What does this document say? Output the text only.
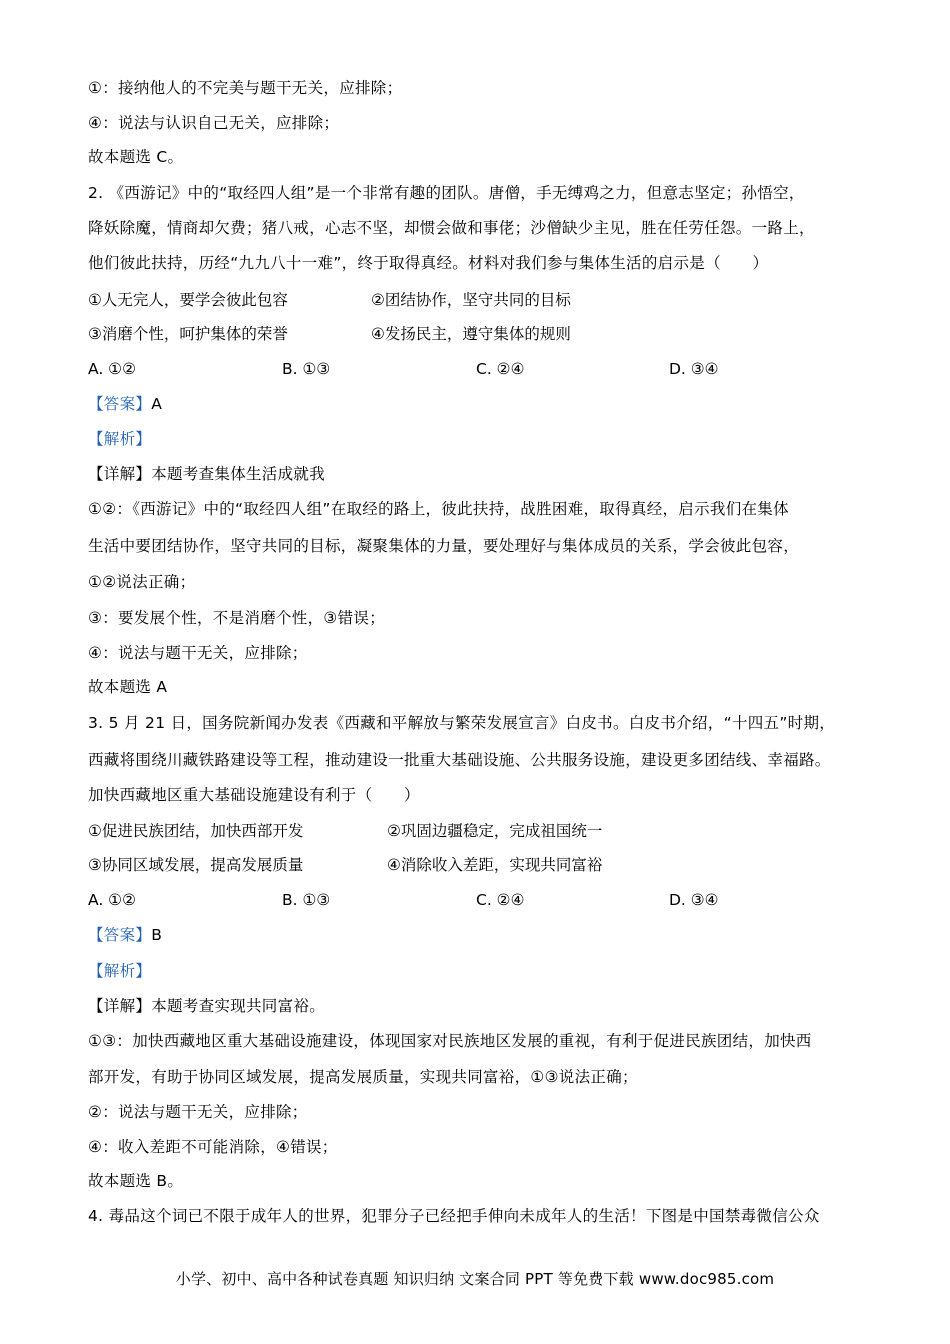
①：接纳他人的不完美与题干无关，应排除；
④：说法与认识自己无关，应排除；
故本题选 C。
2. 《西游记》中的“取经四人组”是一个非常有趣的团队。唐僧，手无缚鸡之力，但意志坚定；孙悟空，
降妖除魔，情商却欠费；猪八戒，心志不坚，却惯会做和事佬；沙僧缺少主见，胜在任劳任怨。一路上，
他们彼此扶持，历经“九九八十一难”，终于取得真经。材料对我们参与集体生活的启示是（　　）
①人无完人，要学会彼此包容	②团结协作，坚守共同的目标
③消磨个性，呵护集体的荣誉	④发扬民主，遵守集体的规则
A. ①②	B. ①③	C. ②④	D. ③④
【答案】A
【解析】
【详解】本题考查集体生活成就我
①②：《西游记》中的“取经四人组”在取经的路上，彼此扶持，战胜困难，取得真经，启示我们在集体
生活中要团结协作，坚守共同的目标，凝聚集体的力量，要处理好与集体成员的关系，学会彼此包容，
①②说法正确；
③：要发展个性，不是消磨个性，③错误；
④：说法与题干无关，应排除；
故本题选 A
3. 5 月 21 日，国务院新闻办发表《西藏和平解放与繁荣发展宣言》白皮书。白皮书介绍，“十四五”时期，
西藏将围绕川藏铁路建设等工程，推动建设一批重大基础设施、公共服务设施，建设更多团结线、幸福路。
加快西藏地区重大基础设施建设有利于（　　）
①促进民族团结，加快西部开发	②巩固边疆稳定，完成祖国统一
③协同区域发展，提高发展质量	④消除收入差距，实现共同富裕
A. ①②	B. ①③	C. ②④	D. ③④
【答案】B
【解析】
【详解】本题考查实现共同富裕。
①③：加快西藏地区重大基础设施建设，体现国家对民族地区发展的重视，有利于促进民族团结，加快西
部开发，有助于协同区域发展，提高发展质量，实现共同富裕，①③说法正确；
②：说法与题干无关，应排除；
④：收入差距不可能消除，④错误；
故本题选 B。
4. 毒品这个词已不限于成年人的世界，犯罪分子已经把手伸向未成年人的生活！下图是中国禁毒微信公众
小学、初中、高中各种试卷真题 知识归纳 文案合同 PPT 等免费下载 www.doc985.com
